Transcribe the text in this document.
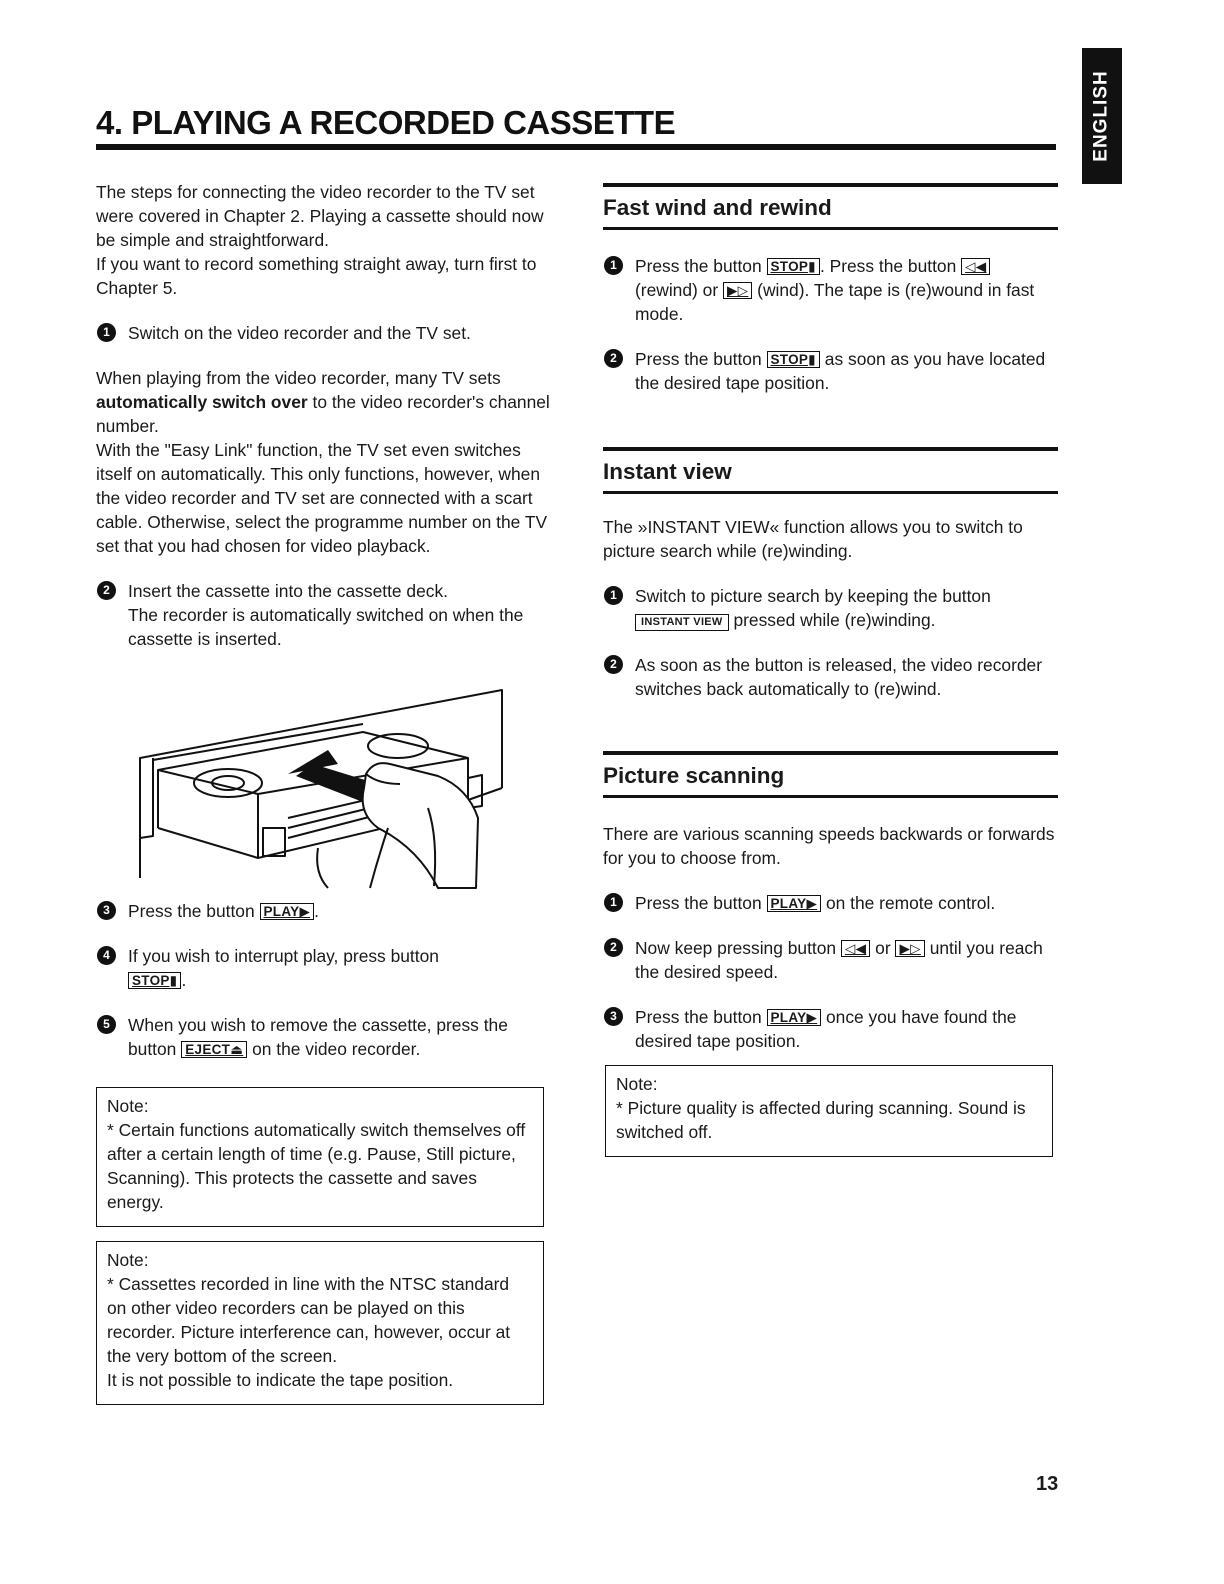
4. PLAYING A RECORDED CASSETTE	ENGLISH

The steps for connecting the video recorder to the TV set were covered in Chapter 2. Playing a cassette should now be simple and straightforward.

If you want to record something straight away, turn first to Chapter 5.

1	Switch on the video recorder and the TV set.

When playing from the video recorder, many TV sets automatically switch over to the video recorder's channel number.

With the "Easy Link" function, the TV set even switches itself on automatically. This only functions, however, when the video recorder and TV set are connected with a scart cable. Otherwise, select the programme number on the TV set that you had chosen for video playback.

2	Insert the cassette into the cassette deck.
The recorder is automatically switched on when the cassette is inserted.
3	Press the button PLAY▶ .
4	If you wish to interrupt play, press button
STOP▮ .
5	When you wish to remove the cassette, press the button EJECT⏏ on the video recorder.
Note:
* Certain functions automatically switch themselves off after a certain length of time (e.g. Pause, Still picture, Scanning). This protects the cassette and saves energy.
Note:
* Cassettes recorded in line with the NTSC standard on other video recorders can be played on this recorder. Picture interference can, however, occur at the very bottom of the screen.
It is not possible to indicate the tape position.
Fast wind and rewind
1	Press the button STOP▮ . Press the button ◁◀ (rewind) or ▶▷ (wind). The tape is (re)wound in fast mode.
2	Press the button STOP▮ as soon as you have located the desired tape position.
Instant view

The »INSTANT VIEW« function allows you to switch to picture search while (re)winding.

1	Switch to picture search by keeping the button
INSTANT VIEW pressed while (re)winding.
2	As soon as the button is released, the video recorder switches back automatically to (re)wind.
Picture scanning

There are various scanning speeds backwards or forwards for you to choose from.

1	Press the button PLAY▶ on the remote control.
2	Now keep pressing button ◁◀ or ▶▷ until you reach the desired speed.
3	Press the button PLAY▶ once you have found the desired tape position.
Note:
* Picture quality is affected during scanning. Sound is switched off.

13
